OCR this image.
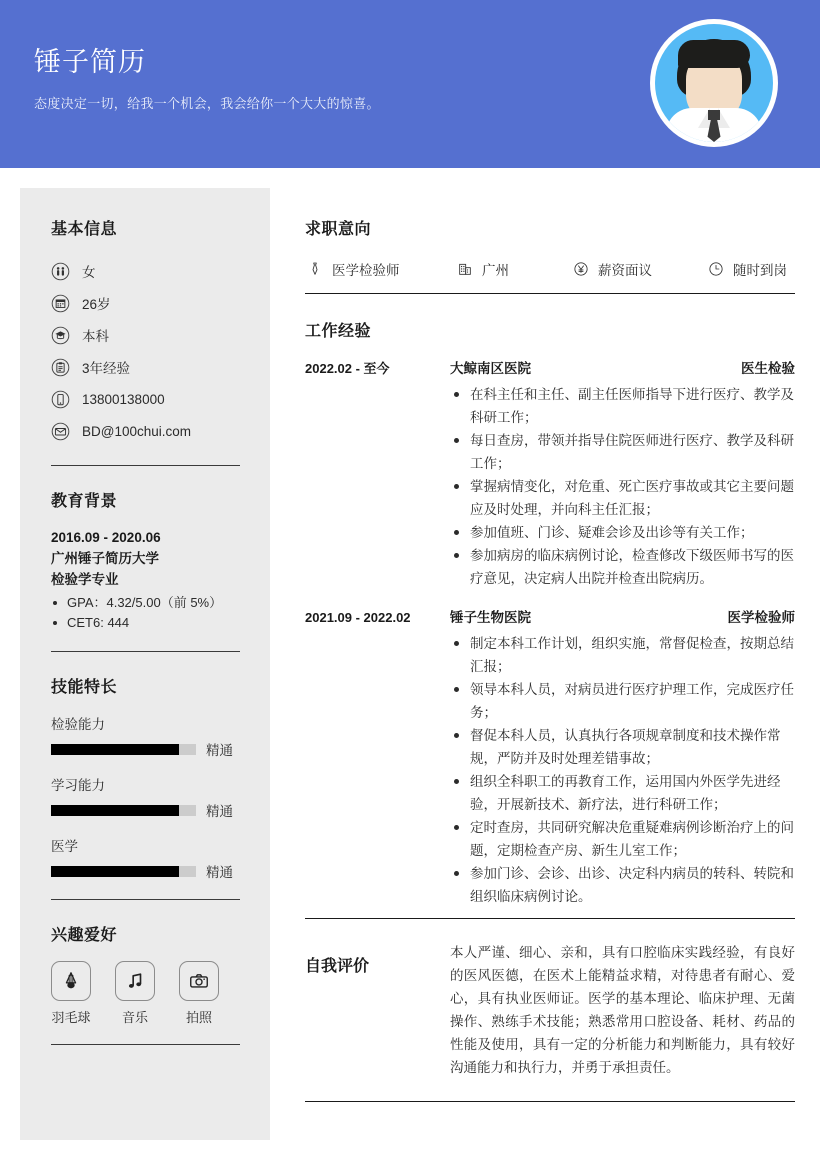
锤子简历
态度决定一切，给我一个机会，我会给你一个大大的惊喜。
基本信息
女
26岁
本科
3年经验
13800138000
BD@100chui.com
教育背景
2016.09 - 2020.06
广州锤子简历大学
检验学专业
GPA：4.32/5.00（前 5%）
CET6: 444
技能特长
检验能力
精通
学习能力
精通
医学
精通
兴趣爱好
羽毛球	音乐	拍照
求职意向
医学检验师	广州	薪资面议	随时到岗
工作经验
2022.02 - 至今	大鲸南区医院	医生检验
在科主任和主任、副主任医师指导下进行医疗、教学及科研工作；
每日查房，带领并指导住院医师进行医疗、教学及科研工作；
掌握病情变化，对危重、死亡医疗事故或其它主要问题应及时处理，并向科主任汇报；
参加值班、门诊、疑难会诊及出诊等有关工作；
参加病房的临床病例讨论，检查修改下级医师书写的医疗意见，决定病人出院并检查出院病历。
2021.09 - 2022.02	锤子生物医院	医学检验师
制定本科工作计划，组织实施，常督促检查，按期总结汇报；
领导本科人员，对病员进行医疗护理工作，完成医疗任务；
督促本科人员，认真执行各项规章制度和技术操作常规，严防并及时处理差错事故；
组织全科职工的再教育工作，运用国内外医学先进经验，开展新技术、新疗法，进行科研工作；
定时查房，共同研究解决危重疑难病例诊断治疗上的问题，定期检查产房、新生儿室工作；
参加门诊、会诊、出诊、决定科内病员的转科、转院和组织临床病例讨论。
自我评价
本人严谨、细心、亲和，具有口腔临床实践经验，有良好的医风医德，在医术上能精益求精，对待患者有耐心、爱心，具有执业医师证。医学的基本理论、临床护理、无菌操作、熟练手术技能；熟悉常用口腔设备、耗材、药品的性能及使用，具有一定的分析能力和判断能力，具有较好沟通能力和执行力，并勇于承担责任。
